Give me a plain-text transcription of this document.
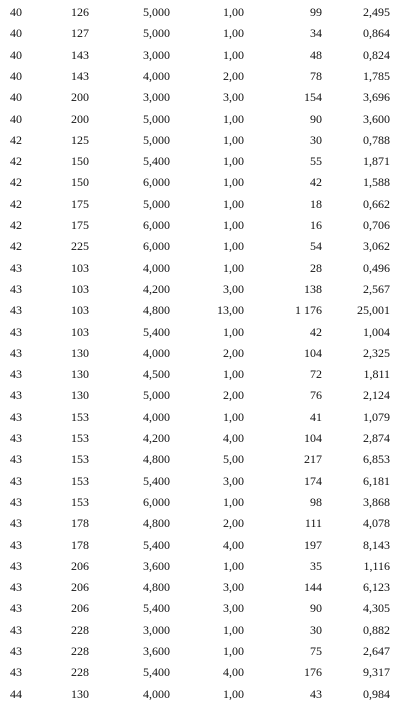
40	126	5,000	1,00	99	2,495
40	127	5,000	1,00	34	0,864
40	143	3,000	1,00	48	0,824
40	143	4,000	2,00	78	1,785
40	200	3,000	3,00	154	3,696
40	200	5,000	1,00	90	3,600
42	125	5,000	1,00	30	0,788
42	150	5,400	1,00	55	1,871
42	150	6,000	1,00	42	1,588
42	175	5,000	1,00	18	0,662
42	175	6,000	1,00	16	0,706
42	225	6,000	1,00	54	3,062
43	103	4,000	1,00	28	0,496
43	103	4,200	3,00	138	2,567
43	103	4,800	13,00	1 176	25,001
43	103	5,400	1,00	42	1,004
43	130	4,000	2,00	104	2,325
43	130	4,500	1,00	72	1,811
43	130	5,000	2,00	76	2,124
43	153	4,000	1,00	41	1,079
43	153	4,200	4,00	104	2,874
43	153	4,800	5,00	217	6,853
43	153	5,400	3,00	174	6,181
43	153	6,000	1,00	98	3,868
43	178	4,800	2,00	111	4,078
43	178	5,400	4,00	197	8,143
43	206	3,600	1,00	35	1,116
43	206	4,800	3,00	144	6,123
43	206	5,400	3,00	90	4,305
43	228	3,000	1,00	30	0,882
43	228	3,600	1,00	75	2,647
43	228	5,400	4,00	176	9,317
44	130	4,000	1,00	43	0,984
